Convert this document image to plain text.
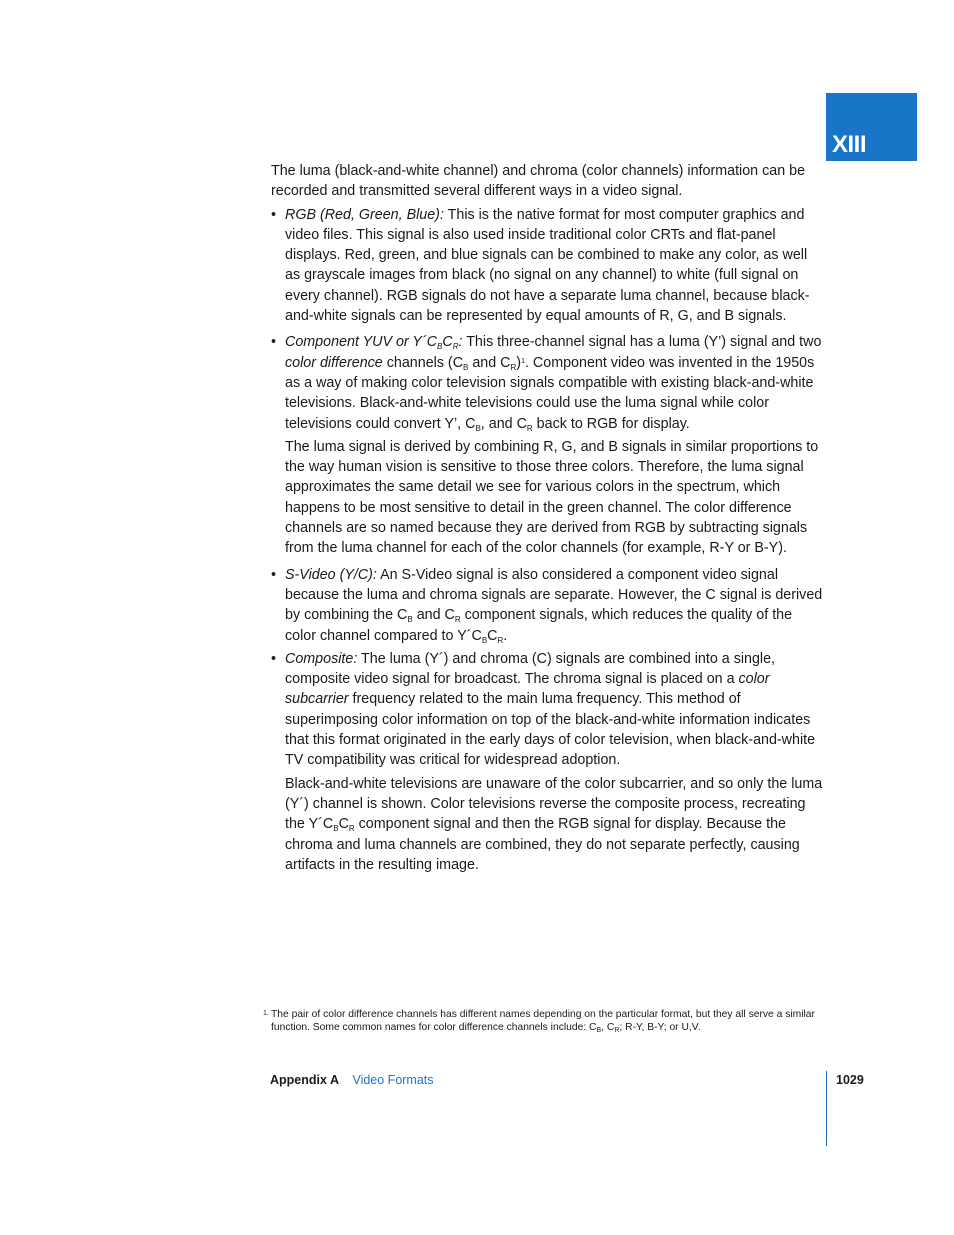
XIII

The luma (black-and-white channel) and chroma (color channels) information can be recorded and transmitted several different ways in a video signal.

• RGB (Red, Green, Blue): This is the native format for most computer graphics and video files. This signal is also used inside traditional color CRTs and flat-panel displays. Red, green, and blue signals can be combined to make any color, as well as grayscale images from black (no signal on any channel) to white (full signal on every channel). RGB signals do not have a separate luma channel, because black-and-white signals can be represented by equal amounts of R, G, and B signals.

• Component YUV or $Y´C_BC_R$: This three-channel signal has a luma (Y’) signal and two color difference channels ($C_B$ and $C_R)^1$. Component video was invented in the 1950s as a way of making color television signals compatible with existing black-and-white televisions. Black-and-white televisions could use the luma signal while color televisions could convert Y’, $C_B$, and $C_R$ back to RGB for display.

The luma signal is derived by combining R, G, and B signals in similar proportions to the way human vision is sensitive to those three colors. Therefore, the luma signal approximates the same detail we see for various colors in the spectrum, which happens to be most sensitive to detail in the green channel. The color difference channels are so named because they are derived from RGB by subtracting signals from the luma channel for each of the color channels (for example, R-Y or B-Y).

• S-Video (Y/C): An S-Video signal is also considered a component video signal because the luma and chroma signals are separate. However, the C signal is derived by combining the $C_B$ and $C_R$ component signals, which reduces the quality of the color channel compared to $Y´C_BC_R$.

• Composite: The luma (Y´) and chroma (C) signals are combined into a single, composite video signal for broadcast. The chroma signal is placed on a color subcarrier frequency related to the main luma frequency. This method of superimposing color information on top of the black-and-white information indicates that this format originated in the early days of color television, when black-and-white TV compatibility was critical for widespread adoption.

Black-and-white televisions are unaware of the color subcarrier, and so only the luma (Y´) channel is shown. Color televisions reverse the composite process, recreating the $Y´C_BC_R$ component signal and then the RGB signal for display. Because the chroma and luma channels are combined, they do not separate perfectly, causing artifacts in the resulting image.

1. The pair of color difference channels has different names depending on the particular format, but they all serve a similar function. Some common names for color difference channels include: $C_B$, $C_R$; R-Y, B-Y; or U,V.
Appendix A Video Formats	1029
